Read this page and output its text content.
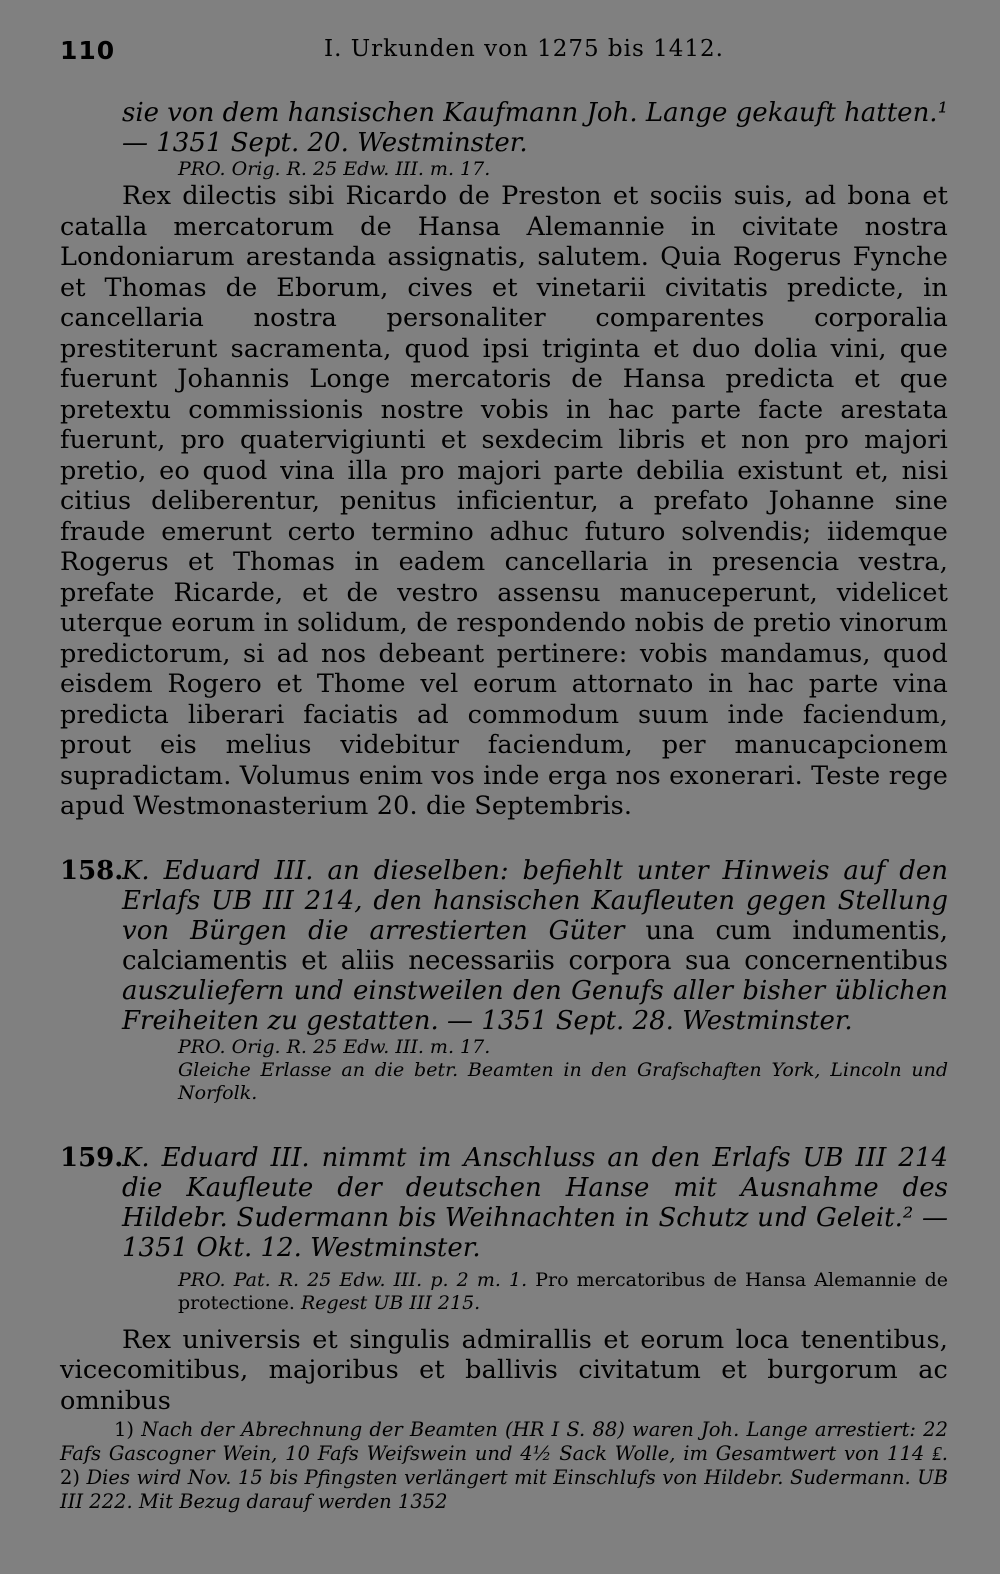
110	I. Urkunden von 1275 bis 1412.
sie von dem hansischen Kaufmann Joh. Lange gekauft hatten.¹ — 1351 Sept. 20. Westminster.
PRO. Orig. R. 25 Edw. III. m. 17.

Rex dilectis sibi Ricardo de Preston et sociis suis, ad bona et catalla mercatorum de Hansa Alemannie in civitate nostra Londoniarum arestanda assignatis, salutem. Quia Rogerus Fynche et Thomas de Eborum, cives et vinetarii civitatis predicte, in cancellaria nostra personaliter comparentes corporalia prestiterunt sacramenta, quod ipsi triginta et duo dolia vini, que fuerunt Johannis Longe mercatoris de Hansa predicta et que pretextu commissionis nostre vobis in hac parte facte arestata fuerunt, pro quatervigiunti et sexdecim libris et non pro majori pretio, eo quod vina illa pro majori parte debilia existunt et, nisi citius deliberentur, penitus inficientur, a prefato Johanne sine fraude emerunt certo termino adhuc futuro solvendis; iidemque Rogerus et Thomas in eadem cancellaria in presencia vestra, prefate Ricarde, et de vestro assensu manuceperunt, videlicet uterque eorum in solidum, de respondendo nobis de pretio vinorum predictorum, si ad nos debeant pertinere: vobis mandamus, quod eisdem Rogero et Thome vel eorum attornato in hac parte vina predicta liberari faciatis ad commodum suum inde faciendum, prout eis melius videbitur faciendum, per manucapcionem supradictam. Volumus enim vos inde erga nos exonerari. Teste rege apud Westmonasterium 20. die Septembris.

158.K. Eduard III. an dieselben: befiehlt unter Hinweis auf den Erlafs UB III 214, den hansischen Kaufleuten gegen Stellung von Bürgen die arrestierten Güter una cum indumentis, calciamentis et aliis necessariis corpora sua concernentibus auszuliefern und einstweilen den Genufs aller bisher üblichen Freiheiten zu gestatten. — 1351 Sept. 28. Westminster.
PRO. Orig. R. 25 Edw. III. m. 17.
Gleiche Erlasse an die betr. Beamten in den Grafschaften York, Lincoln und Norfolk.
159.K. Eduard III. nimmt im Anschluss an den Erlafs UB III 214 die Kaufleute der deutschen Hanse mit Ausnahme des Hildebr. Sudermann bis Weihnachten in Schutz und Geleit.² — 1351 Okt. 12. Westminster.
PRO. Pat. R. 25 Edw. III. p. 2 m. 1. Pro mercatoribus de Hansa Alemannie de protectione. Regest UB III 215.

Rex universis et singulis admirallis et eorum loca tenentibus, vicecomitibus, majoribus et ballivis civitatum et burgorum ac omnibus

1) Nach der Abrechnung der Beamten (HR I S. 88) waren Joh. Lange arrestiert: 22 Fafs Gascogner Wein, 10 Fafs Weifswein und 4½ Sack Wolle, im Gesamtwert von 114 ₤. 2) Dies wird Nov. 15 bis Pfingsten verlängert mit Einschlufs von Hildebr. Sudermann. UB III 222. Mit Bezug darauf werden 1352
